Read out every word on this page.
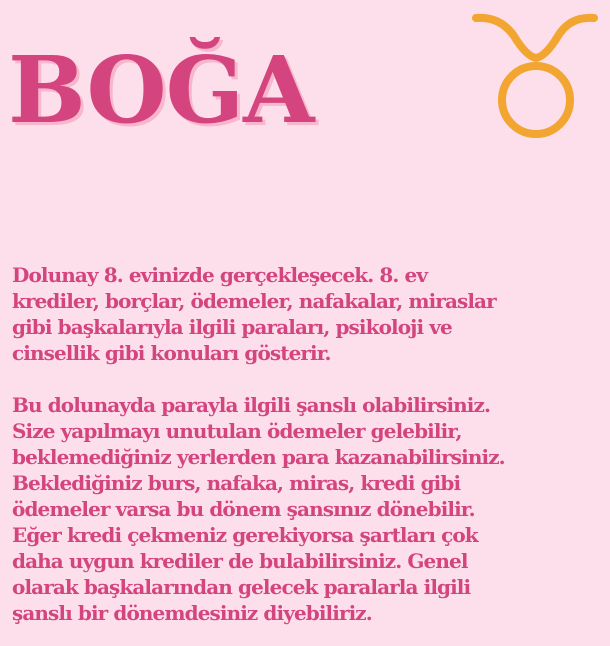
BOĞA

Dolunay 8. evinizde gerçekleşecek. 8. ev
krediler, borçlar, ödemeler, nafakalar, miraslar
gibi başkalarıyla ilgili paraları, psikoloji ve
cinsellik gibi konuları gösterir.

Bu dolunayda parayla ilgili şanslı olabilirsiniz.
Size yapılmayı unutulan ödemeler gelebilir,
beklemediğiniz yerlerden para kazanabilirsiniz.
Beklediğiniz burs, nafaka, miras, kredi gibi
ödemeler varsa bu dönem şansınız dönebilir.
Eğer kredi çekmeniz gerekiyorsa şartları çok
daha uygun krediler de bulabilirsiniz. Genel
olarak başkalarından gelecek paralarla ilgili
şanslı bir dönemdesiniz diyebiliriz.
